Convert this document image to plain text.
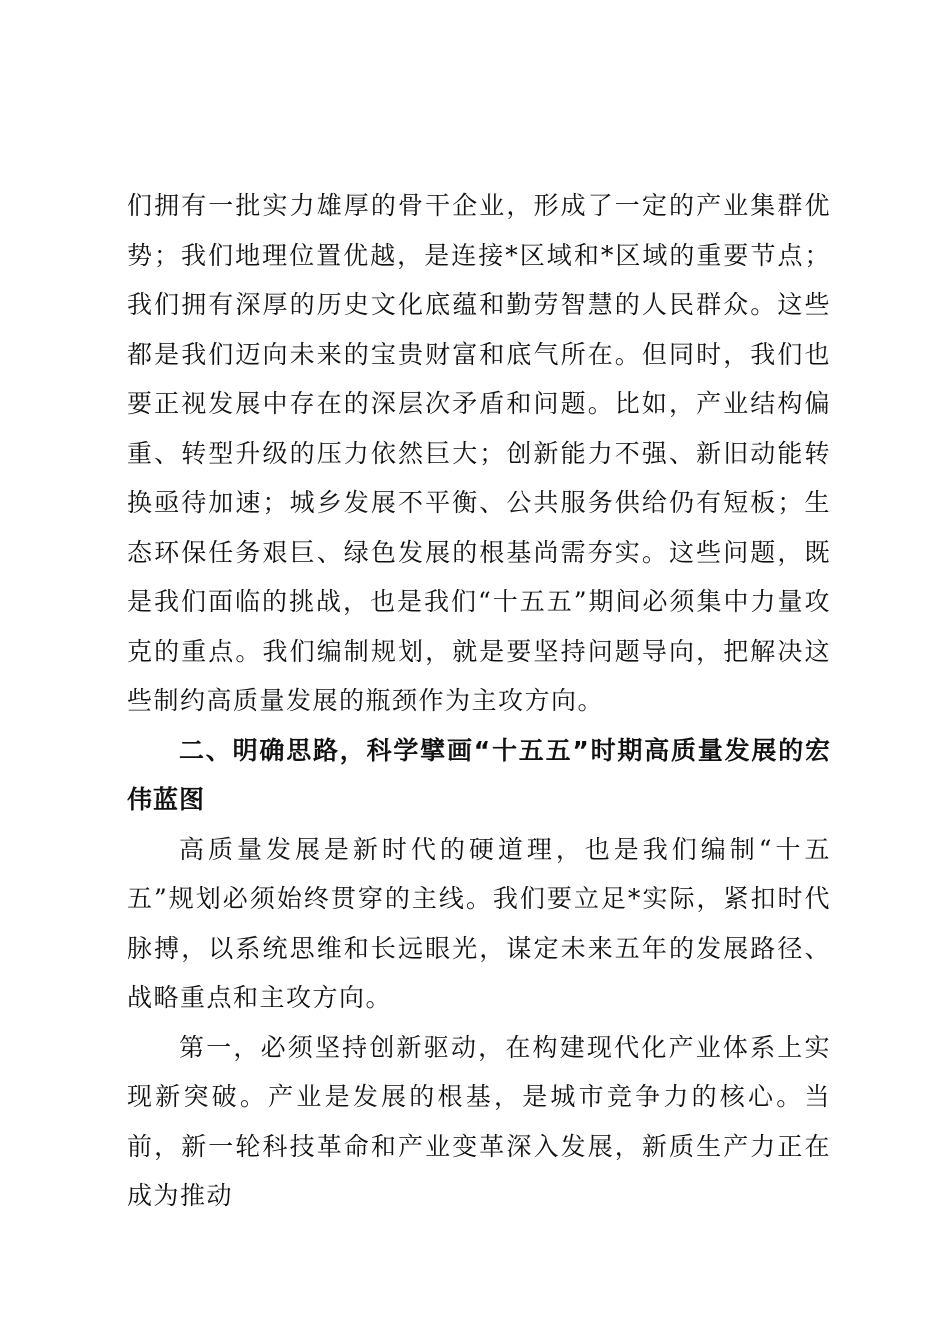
们拥有一批实力雄厚的骨干企业，形成了一定的产业集群优势；我们地理位置优越，是连接*区域和*区域的重要节点；我们拥有深厚的历史文化底蕴和勤劳智慧的人民群众。这些都是我们迈向未来的宝贵财富和底气所在。但同时，我们也要正视发展中存在的深层次矛盾和问题。比如，产业结构偏重、转型升级的压力依然巨大；创新能力不强、新旧动能转换亟待加速；城乡发展不平衡、公共服务供给仍有短板；生态环保任务艰巨、绿色发展的根基尚需夯实。这些问题，既是我们面临的挑战，也是我们“十五五”期间必须集中力量攻克的重点。我们编制规划，就是要坚持问题导向，把解决这些制约高质量发展的瓶颈作为主攻方向。

二、明确思路，科学擘画“十五五”时期高质量发展的宏伟蓝图

高质量发展是新时代的硬道理，也是我们编制“十五五”规划必须始终贯穿的主线。我们要立足*实际，紧扣时代脉搏，以系统思维和长远眼光，谋定未来五年的发展路径、战略重点和主攻方向。

第一，必须坚持创新驱动，在构建现代化产业体系上实现新突破。产业是发展的根基，是城市竞争力的核心。当前，新一轮科技革命和产业变革深入发展，新质生产力正在成为推动
